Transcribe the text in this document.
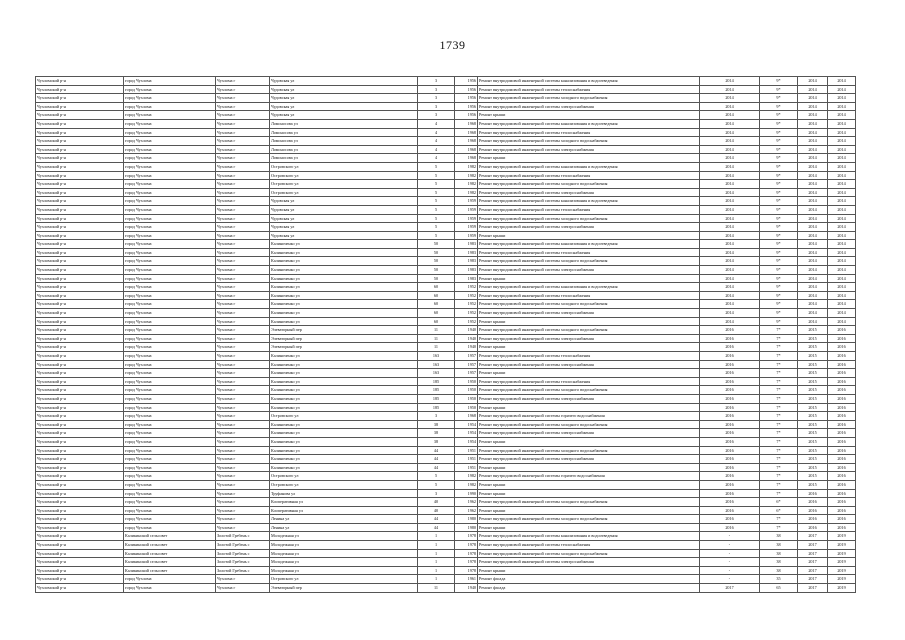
1739
Чухломский р-н	город Чухлома	Чухлома г	Чудовская ул	3	1956	Ремонт внутридомовой инженерной системы канализования и водоотведения	2014	9*	2014	2014
Чухломский р-н	город Чухлома	Чухлома г	Чудовская ул	3	1956	Ремонт внутридомовой инженерной системы теплоснабжения	2014	9*	2014	2014
Чухломский р-н	город Чухлома	Чухлома г	Чудовская ул	3	1956	Ремонт внутридомовой инженерной системы холодного водоснабжения	2014	9*	2014	2014
Чухломский р-н	город Чухлома	Чухлома г	Чудовская ул	3	1956	Ремонт внутридомовой инженерной системы электроснабжения	2014	9*	2014	2014
Чухломский р-н	город Чухлома	Чухлома г	Чудовская ул	3	1956	Ремонт крыши	2014	9*	2014	2014
Чухломский р-н	город Чухлома	Чухлома г	Ломоносова ул	4	1968	Ремонт внутридомовой инженерной системы канализования и водоотведения	2014	9*	2014	2014
Чухломский р-н	город Чухлома	Чухлома г	Ломоносова ул	4	1968	Ремонт внутридомовой инженерной системы теплоснабжения	2014	9*	2014	2014
Чухломский р-н	город Чухлома	Чухлома г	Ломоносова ул	4	1968	Ремонт внутридомовой инженерной системы холодного водоснабжения	2014	9*	2014	2014
Чухломский р-н	город Чухлома	Чухлома г	Ломоносова ул	4	1968	Ремонт внутридомовой инженерной системы электроснабжения	2014	9*	2014	2014
Чухломский р-н	город Чухлома	Чухлома г	Ломоносова ул	4	1968	Ремонт крыши	2014	9*	2014	2014
Чухломский р-н	город Чухлома	Чухлома г	Островского ул	5	1982	Ремонт внутридомовой инженерной системы канализования и водоотведения	2014	9*	2014	2014
Чухломский р-н	город Чухлома	Чухлома г	Островского ул	5	1982	Ремонт внутридомовой инженерной системы теплоснабжения	2014	9*	2014	2014
Чухломский р-н	город Чухлома	Чухлома г	Островского ул	5	1982	Ремонт внутридомовой инженерной системы холодного водоснабжения	2014	9*	2014	2014
Чухломский р-н	город Чухлома	Чухлома г	Островского ул	5	1982	Ремонт внутридомовой инженерной системы электроснабжения	2014	9*	2014	2014
Чухломский р-н	город Чухлома	Чухлома г	Чудовская ул	5	1959	Ремонт внутридомовой инженерной системы канализования и водоотведения	2014	9*	2014	2014
Чухломский р-н	город Чухлома	Чухлома г	Чудовская ул	5	1959	Ремонт внутридомовой инженерной системы теплоснабжения	2014	9*	2014	2014
Чухломский р-н	город Чухлома	Чухлома г	Чудовская ул	5	1959	Ремонт внутридомовой инженерной системы холодного водоснабжения	2014	9*	2014	2014
Чухломский р-н	город Чухлома	Чухлома г	Чудовская ул	5	1959	Ремонт внутридомовой инженерной системы электроснабжения	2014	9*	2014	2014
Чухломский р-н	город Чухлома	Чухлома г	Чудовская ул	5	1959	Ремонт крыши	2014	9*	2014	2014
Чухломский р-н	город Чухлома	Чухлома г	Калиниченко ул	50	1983	Ремонт внутридомовой инженерной системы канализования и водоотведения	2014	9*	2014	2014
Чухломский р-н	город Чухлома	Чухлома г	Калиниченко ул	50	1983	Ремонт внутридомовой инженерной системы теплоснабжения	2014	9*	2014	2014
Чухломский р-н	город Чухлома	Чухлома г	Калиниченко ул	50	1983	Ремонт внутридомовой инженерной системы холодного водоснабжения	2014	9*	2014	2014
Чухломский р-н	город Чухлома	Чухлома г	Калиниченко ул	50	1983	Ремонт внутридомовой инженерной системы электроснабжения	2014	9*	2014	2014
Чухломский р-н	город Чухлома	Чухлома г	Калиниченко ул	50	1983	Ремонт крыши	2014	9*	2014	2014
Чухломский р-н	город Чухлома	Чухлома г	Калиниченко ул	60	1952	Ремонт внутридомовой инженерной системы канализования и водоотведения	2014	9*	2014	2014
Чухломский р-н	город Чухлома	Чухлома г	Калиниченко ул	60	1952	Ремонт внутридомовой инженерной системы теплоснабжения	2014	9*	2014	2014
Чухломский р-н	город Чухлома	Чухлома г	Калиниченко ул	60	1952	Ремонт внутридомовой инженерной системы холодного водоснабжения	2014	9*	2014	2014
Чухломский р-н	город Чухлома	Чухлома г	Калиниченко ул	60	1952	Ремонт внутридомовой инженерной системы электроснабжения	2014	9*	2014	2014
Чухломский р-н	город Чухлома	Чухлома г	Калиниченко ул	60	1952	Ремонт крыши	2014	9*	2014	2014
Чухломский р-н	город Чухлома	Чухлома г	Элеваторный пер	11	1940	Ремонт внутридомовой инженерной системы холодного водоснабжения	2016	7*	2015	2016
Чухломский р-н	город Чухлома	Чухлома г	Элеваторный пер	11	1940	Ремонт внутридомовой инженерной системы электроснабжения	2016	7*	2015	2016
Чухломский р-н	город Чухлома	Чухлома г	Элеваторный пер	11	1940	Ремонт крыши	2016	7*	2015	2016
Чухломский р-н	город Чухлома	Чухлома г	Калиниченко ул	163	1957	Ремонт внутридомовой инженерной системы теплоснабжения	2016	7*	2015	2016
Чухломский р-н	город Чухлома	Чухлома г	Калиниченко ул	163	1957	Ремонт внутридомовой инженерной системы электроснабжения	2016	7*	2015	2016
Чухломский р-н	город Чухлома	Чухлома г	Калиниченко ул	163	1957	Ремонт крыши	2016	7*	2015	2016
Чухломский р-н	город Чухлома	Чухлома г	Калиниченко ул	185	1950	Ремонт внутридомовой инженерной системы теплоснабжения	2016	7*	2015	2016
Чухломский р-н	город Чухлома	Чухлома г	Калиниченко ул	185	1950	Ремонт внутридомовой инженерной системы холодного водоснабжения	2016	7*	2015	2016
Чухломский р-н	город Чухлома	Чухлома г	Калиниченко ул	185	1950	Ремонт внутридомовой инженерной системы электроснабжения	2016	7*	2015	2016
Чухломский р-н	город Чухлома	Чухлома г	Калиниченко ул	185	1950	Ремонт крыши	2016	7*	2015	2016
Чухломский р-н	город Чухлома	Чухлома г	Островского ул	3	1968	Ремонт внутридомовой инженерной системы горячего водоснабжения	2016	7*	2015	2016
Чухломский р-н	город Чухлома	Чухлома г	Калиниченко ул	38	1954	Ремонт внутридомовой инженерной системы холодного водоснабжения	2016	7*	2015	2016
Чухломский р-н	город Чухлома	Чухлома г	Калиниченко ул	38	1954	Ремонт внутридомовой инженерной системы электроснабжения	2016	7*	2015	2016
Чухломский р-н	город Чухлома	Чухлома г	Калиниченко ул	38	1954	Ремонт крыши	2016	7*	2015	2016
Чухломский р-н	город Чухлома	Чухлома г	Калиниченко ул	44	1951	Ремонт внутридомовой инженерной системы холодного водоснабжения	2016	7*	2015	2016
Чухломский р-н	город Чухлома	Чухлома г	Калиниченко ул	44	1951	Ремонт внутридомовой инженерной системы электроснабжения	2016	7*	2015	2016
Чухломский р-н	город Чухлома	Чухлома г	Калиниченко ул	44	1951	Ремонт крыши	2016	7*	2015	2016
Чухломский р-н	город Чухлома	Чухлома г	Островского ул	5	1982	Ремонт внутридомовой инженерной системы горячего водоснабжения	2016	7*	2015	2016
Чухломский р-н	город Чухлома	Чухлома г	Островского ул	5	1982	Ремонт крыши	2016	7*	2015	2016
Чухломский р-н	город Чухлома	Чухлома г	Труфанова ул	3	1990	Ремонт крыши	2016	7*	2016	2016
Чухломский р-н	город Чухлома	Чухлома г	Кооперативная ул	40	1962	Ремонт внутридомовой инженерной системы холодного водоснабжения	2016	6*	2016	2016
Чухломский р-н	город Чухлома	Чухлома г	Кооперативная ул	40	1962	Ремонт крыши	2016	6*	2016	2016
Чухломский р-н	город Чухлома	Чухлома г	Ленина ул	44	1980	Ремонт внутридомовой инженерной системы холодного водоснабжения	2016	7*	2016	2016
Чухломский р-н	город Чухлома	Чухлома г	Ленина ул	44	1980	Ремонт крыши	2016	7*	2016	2016
Чухломский р-н	Каликинский сельсовет	Золотой Гребень с	Молодежная ул	1	1978	Ремонт внутридомовой инженерной системы канализования и водоотведения	-	38	2017	2019
Чухломский р-н	Каликинский сельсовет	Золотой Гребень с	Молодежная ул	1	1978	Ремонт внутридомовой инженерной системы теплоснабжения	-	38	2017	2019
Чухломский р-н	Каликинский сельсовет	Золотой Гребень с	Молодежная ул	1	1978	Ремонт внутридомовой инженерной системы холодного водоснабжения	-	38	2017	2019
Чухломский р-н	Каликинский сельсовет	Золотой Гребень с	Молодежная ул	1	1978	Ремонт внутридомовой инженерной системы электроснабжения	-	38	2017	2019
Чухломский р-н	Каликинский сельсовет	Золотой Гребень с	Молодежная ул	1	1978	Ремонт крыши	-	38	2017	2019
Чухломский р-н	город Чухлома	Чухлома г	Островского ул	1	1961	Ремонт фасада	-	35	2017	2019
Чухломский р-н	город Чухлома	Чухлома г	Элеваторный пер	11	1940	Ремонт фасада	2017	65	2017	2019
